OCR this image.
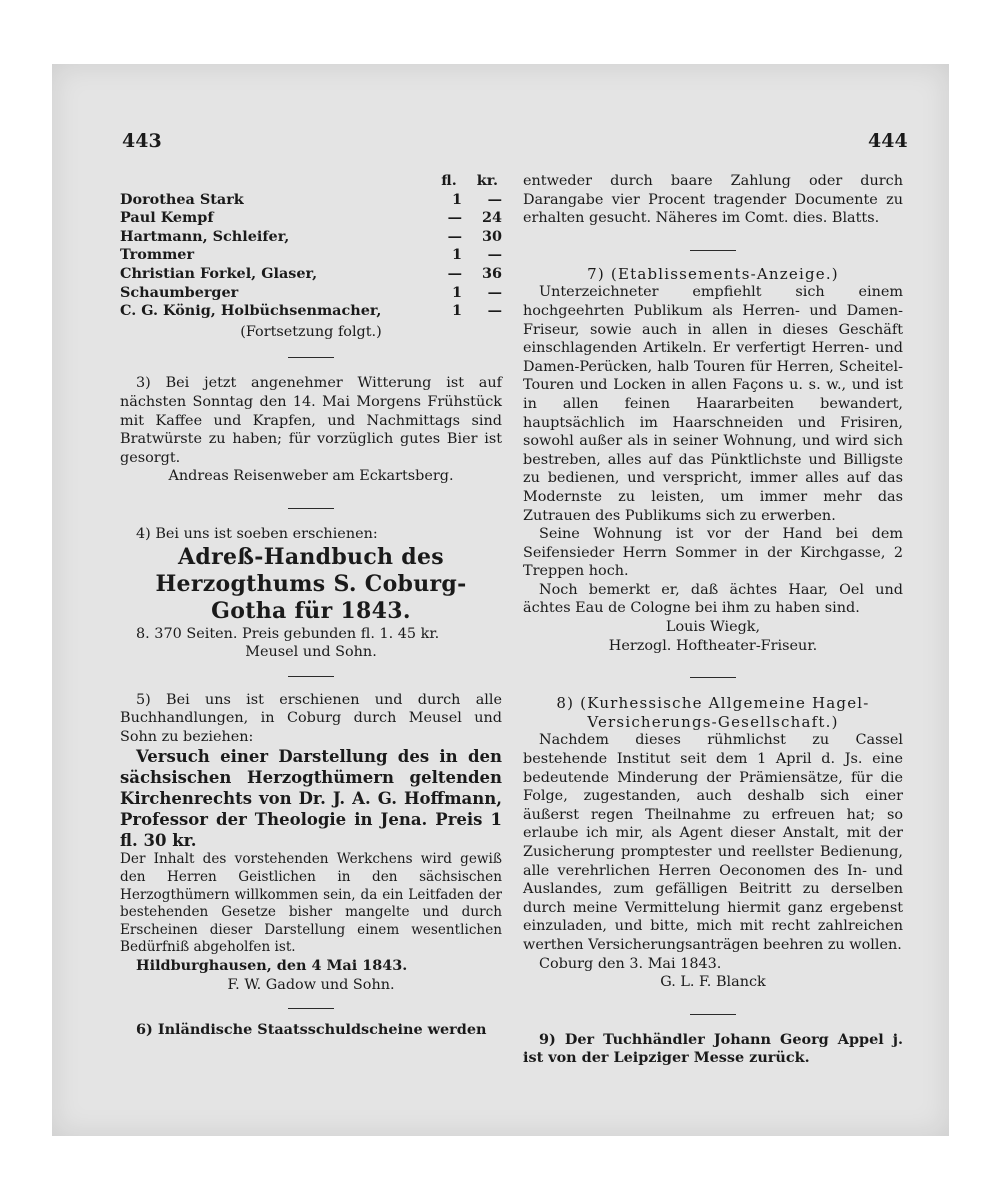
443	444
fl. kr.
Dorothea Stark	1	—
Paul Kempf	—	24
Hartmann, Schleifer,	—	30
Trommer	1	—
Christian Forkel, Glaser,	—	36
Schaumberger	1	—
C. G. König, Holbüchsenmacher,	1	—

(Fortsetzung folgt.)

3) Bei jetzt angenehmer Witterung ist auf nächsten Sonntag den 14. Mai Morgens Frühstück mit Kaffee und Krapfen, und Nachmittags sind Bratwürste zu haben; für vorzüglich gutes Bier ist gesorgt.

Andreas Reisenweber am Eckartsberg.

4) Bei uns ist soeben erschienen:

Adreß-Handbuch des Herzogthums S. Coburg-Gotha für 1843.

8. 370 Seiten. Preis gebunden fl. 1. 45 kr.

Meusel und Sohn.

5) Bei uns ist erschienen und durch alle Buchhandlungen, in Coburg durch Meusel und Sohn zu beziehen:

Versuch einer Darstellung des in den sächsischen Herzogthümern geltenden Kirchenrechts von Dr. J. A. G. Hoffmann, Professor der Theologie in Jena. Preis 1 fl. 30 kr.

Der Inhalt des vorstehenden Werkchens wird gewiß den Herren Geistlichen in den sächsischen Herzogthümern willkommen sein, da ein Leitfaden der bestehenden Gesetze bisher mangelte und durch Erscheinen dieser Darstellung einem wesentlichen Bedürfniß abgeholfen ist.

Hildburghausen, den 4 Mai 1843.

F. W. Gadow und Sohn.

6) Inländische Staatsschuldscheine werden

entweder durch baare Zahlung oder durch Darangabe vier Procent tragender Documente zu erhalten gesucht. Näheres im Comt. dies. Blatts.

7) (Etablissements-Anzeige.)

Unterzeichneter empfiehlt sich einem hochgeehrten Publikum als Herren- und Damen-Friseur, sowie auch in allen in dieses Geschäft einschlagenden Artikeln. Er verfertigt Herren- und Damen-Perücken, halb Touren für Herren, Scheitel-Touren und Locken in allen Façons u. s. w., und ist in allen feinen Haararbeiten bewandert, hauptsächlich im Haarschneiden und Frisiren, sowohl außer als in seiner Wohnung, und wird sich bestreben, alles auf das Pünktlichste und Billigste zu bedienen, und verspricht, immer alles auf das Modernste zu leisten, um immer mehr das Zutrauen des Publikums sich zu erwerben.

Seine Wohnung ist vor der Hand bei dem Seifensieder Herrn Sommer in der Kirchgasse, 2 Treppen hoch.

Noch bemerkt er, daß ächtes Haar, Oel und ächtes Eau de Cologne bei ihm zu haben sind.

Louis Wiegk,

Herzogl. Hoftheater-Friseur.

8) (Kurhessische Allgemeine Hagel-Versicherungs-Gesellschaft.)

Nachdem dieses rühmlichst zu Cassel bestehende Institut seit dem 1 April d. Js. eine bedeutende Minderung der Prämiensätze, für die Folge, zugestanden, auch deshalb sich einer äußerst regen Theilnahme zu erfreuen hat; so erlaube ich mir, als Agent dieser Anstalt, mit der Zusicherung promptester und reellster Bedienung, alle verehrlichen Herren Oeconomen des In- und Auslandes, zum gefälligen Beitritt zu derselben durch meine Vermittelung hiermit ganz ergebenst einzuladen, und bitte, mich mit recht zahlreichen werthen Versicherungsanträgen beehren zu wollen.

Coburg den 3. Mai 1843.

G. L. F. Blanck

9) Der Tuchhändler Johann Georg Appel j. ist von der Leipziger Messe zurück.
